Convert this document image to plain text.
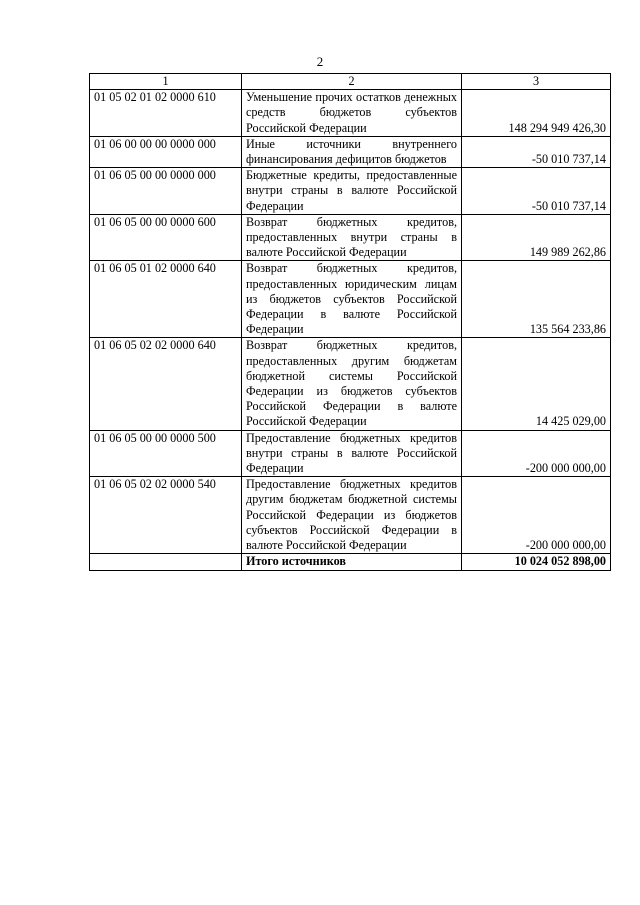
2
1	2	3
01 05 02 01 02 0000 610	Уменьшение прочих остатков денежных средств бюджетов субъектов Российской Федерации	148 294 949 426,30
01 06 00 00 00 0000 000	Иные источники внутреннего финансирования дефицитов бюджетов	-50 010 737,14
01 06 05 00 00 0000 000	Бюджетные кредиты, предоставленные внутри страны в валюте Российской Федерации	-50 010 737,14
01 06 05 00 00 0000 600	Возврат бюджетных кредитов, предоставленных внутри страны в валюте Российской Федерации	149 989 262,86
01 06 05 01 02 0000 640	Возврат бюджетных кредитов, предоставленных юридическим лицам из бюджетов субъектов Российской Федерации в валюте Российской Федерации	135 564 233,86
01 06 05 02 02 0000 640	Возврат бюджетных кредитов, предоставленных другим бюджетам бюджетной системы Российской Федерации из бюджетов субъектов Российской Федерации в валюте Российской Федерации	14 425 029,00
01 06 05 00 00 0000 500	Предоставление бюджетных кредитов внутри страны в валюте Российской Федерации	-200 000 000,00
01 06 05 02 02 0000 540	Предоставление бюджетных кредитов другим бюджетам бюджетной системы Российской Федерации из бюджетов субъектов Российской Федерации в валюте Российской Федерации	-200 000 000,00
	Итого источников	10 024 052 898,00
